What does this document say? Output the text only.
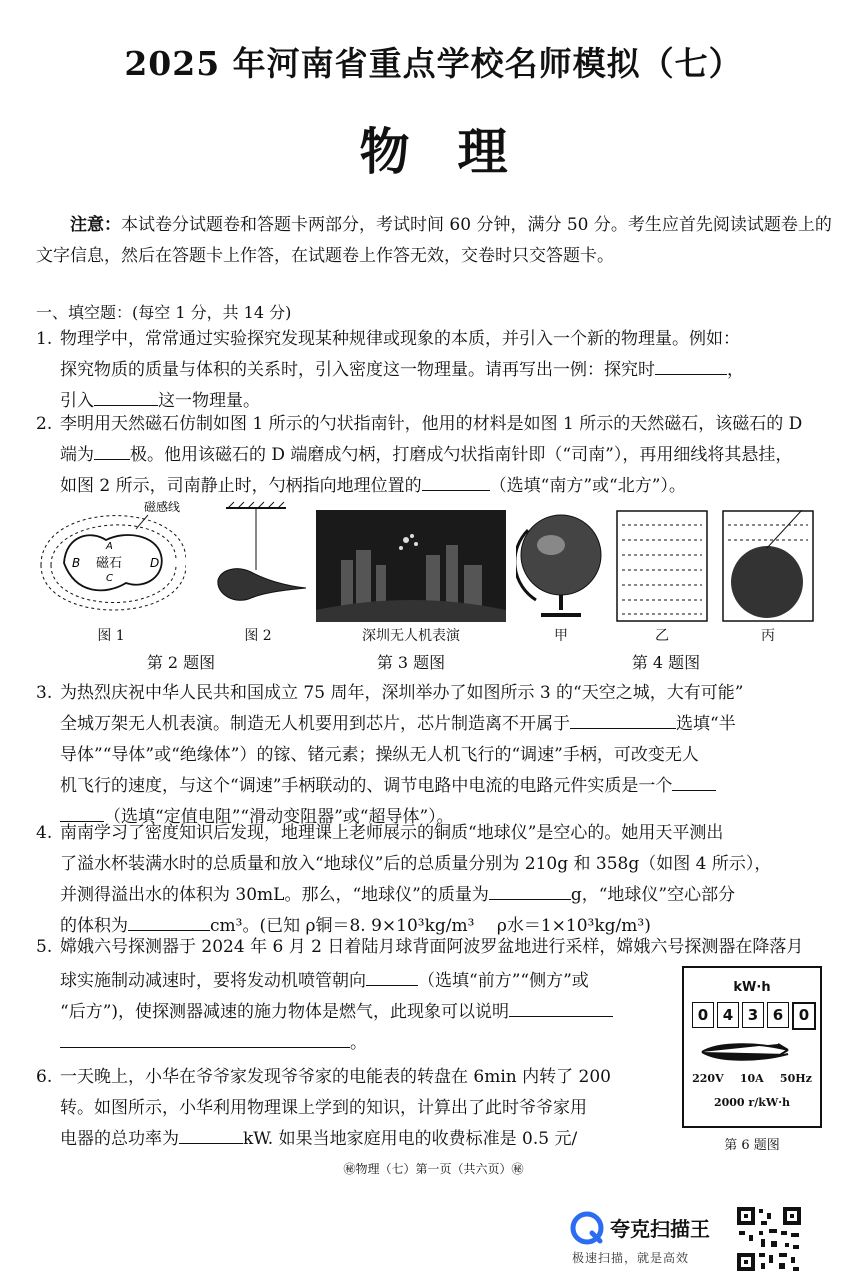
2025 年河南省重点学校名师模拟（七）
物理
注意：本试卷分试题卷和答题卡两部分，考试时间 60 分钟，满分 50 分。考生应首先阅读试题卷上的文字信息，然后在答题卡上作答，在试题卷上作答无效，交卷时只交答题卡。
一、填空题：(每空 1 分，共 14 分)

1. 物理学中，常常通过实验探究发现某种规律或现象的本质，并引入一个新的物理量。例如：

探究物质的质量与体积的关系时，引入密度这一物理量。请再写出一例：探究时	，

引入	这一物理量。

2. 李明用天然磁石仿制如图 1 所示的勺状指南针，他用的材料是如图 1 所示的天然磁石，该磁石的 D

端为 极。他用该磁石的 D 端磨成勺柄，打磨成勺状指南针即（“司南”），再用细线将其悬挂，

如图 2 所示，司南静止时，勺柄指向地理位置的	（选填“南方”或“北方”）。

磁感线
B	D
A
C
磁石
图 1	图 2	深圳无人机表演	甲	乙	丙
第 2 题图	第 3 题图	第 4 题图

3. 为热烈庆祝中华人民共和国成立 75 周年，深圳举办了如图所示 3 的“天空之城，大有可能”

全城万架无人机表演。制造无人机要用到芯片，芯片制造离不开属于	选填“半

导体”“导体”或“绝缘体”）的镓、锗元素；操纵无人机飞行的“调速”手柄，可改变无人

机飞行的速度，与这个“调速”手柄联动的、调节电路中电流的电路元件实质是一个

（选填“定值电阻”“滑动变阻器”或“超导体”）。

4. 南南学习了密度知识后发现，地理课上老师展示的铜质“地球仪”是空心的。她用天平测出

了溢水杯装满水时的总质量和放入“地球仪”后的总质量分别为 210g 和 358g（如图 4 所示），

并测得溢出水的体积为 30mL。那么，“地球仪”的质量为	g，“地球仪”空心部分

的体积为	cm³。(已知 ρ铜＝8. 9×10³kg/m³　 ρ水＝1×10³kg/m³)

5. 嫦娥六号探测器于 2024 年 6 月 2 日着陆月球背面阿波罗盆地进行采样，嫦娥六号探测器在降落月

球实施制动减速时，要将发动机喷管朝向	（选填“前方”“侧方”或

“后方”)，使探测器减速的施力物体是燃气，此现象可以说明

。

6. 一天晚上，小华在爷爷家发现爷爷家的电能表的转盘在 6min 内转了 200

转。如图所示，小华利用物理课上学到的知识，计算出了此时爷爷家用

电器的总功率为	kW. 如果当地家庭用电的收费标准是 0.5 元/

kW·h
0 4 3 6	0
220V 10A 50Hz
2000 r/kW·h
第 6 题图
㊙物理（七）第一页（共六页）㊙
夸克扫描王
极速扫描，就是高效
